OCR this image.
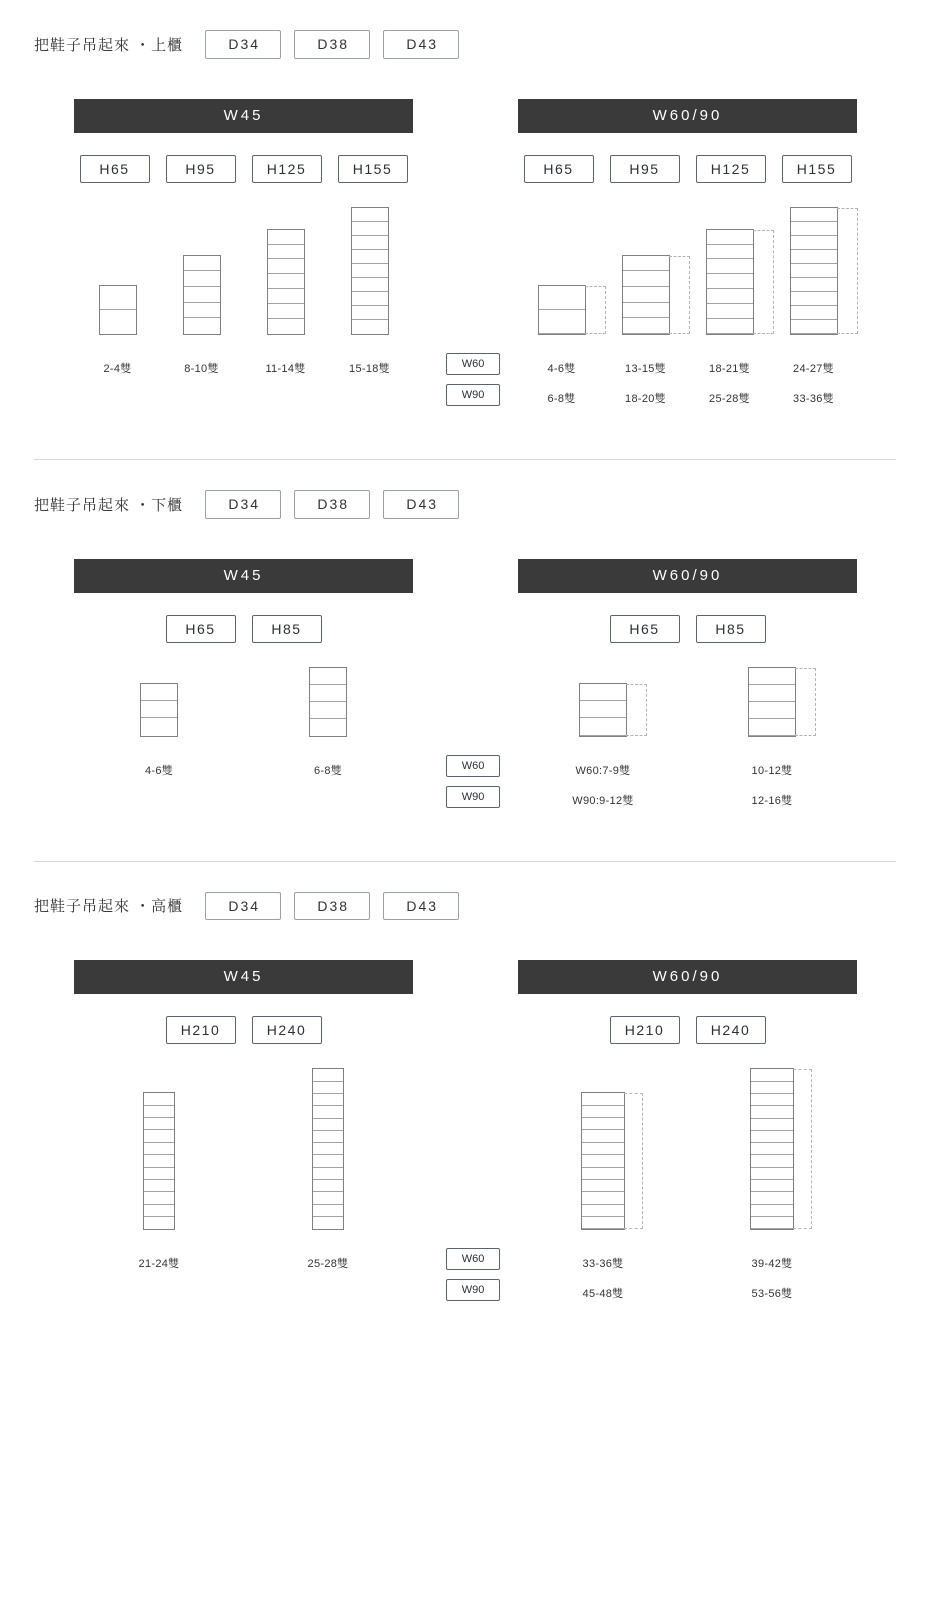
把鞋子吊起來 ・上櫃	D34	D38	D43
W45
H65	H95	H125	H155
2-4雙	8-10雙	11-14雙	15-18雙
W60/90
H65	H95	H125	H155
4-6雙	13-15雙	18-21雙	24-27雙
6-8雙	18-20雙	25-28雙	33-36雙
W60
W90
把鞋子吊起來 ・下櫃	D34	D38	D43
W45
H65	H85
4-6雙	6-8雙
W60/90
H65	H85
W60:7-9雙	10-12雙
W90:9-12雙	12-16雙
W60
W90
把鞋子吊起來 ・高櫃	D34	D38	D43
W45
H210	H240
21-24雙	25-28雙
W60/90
H210	H240
33-36雙	39-42雙
45-48雙	53-56雙
W60
W90
